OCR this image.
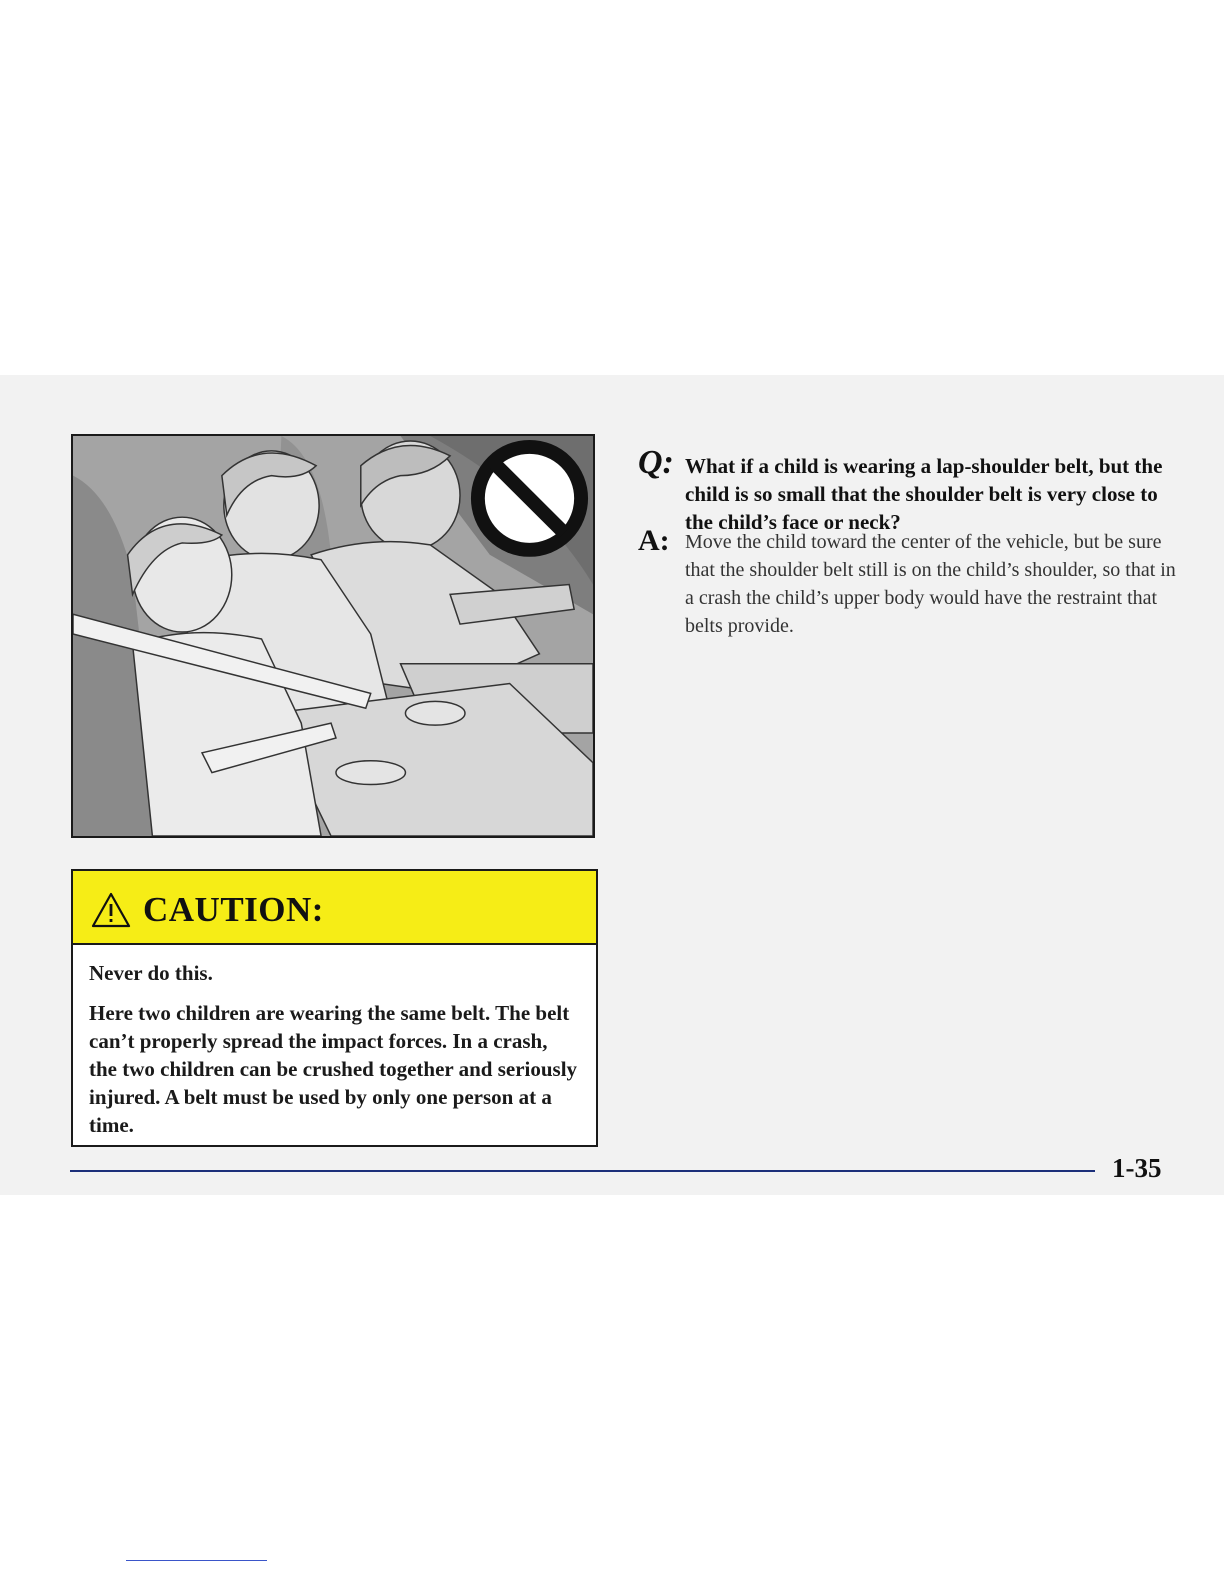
CAUTION:

Never do this.

Here two children are wearing the same belt. The belt can’t properly spread the impact forces. In a crash, the two children can be crushed together and seriously injured. A belt must be used by only one person at a time.

Q: What if a child is wearing a lap-shoulder belt, but the child is so small that the shoulder belt is very close to the child’s face or neck?

A: Move the child toward the center of the vehicle, but be sure that the shoulder belt still is on the child’s shoulder, so that in a crash the child’s upper body would have the restraint that belts provide.

1-35
